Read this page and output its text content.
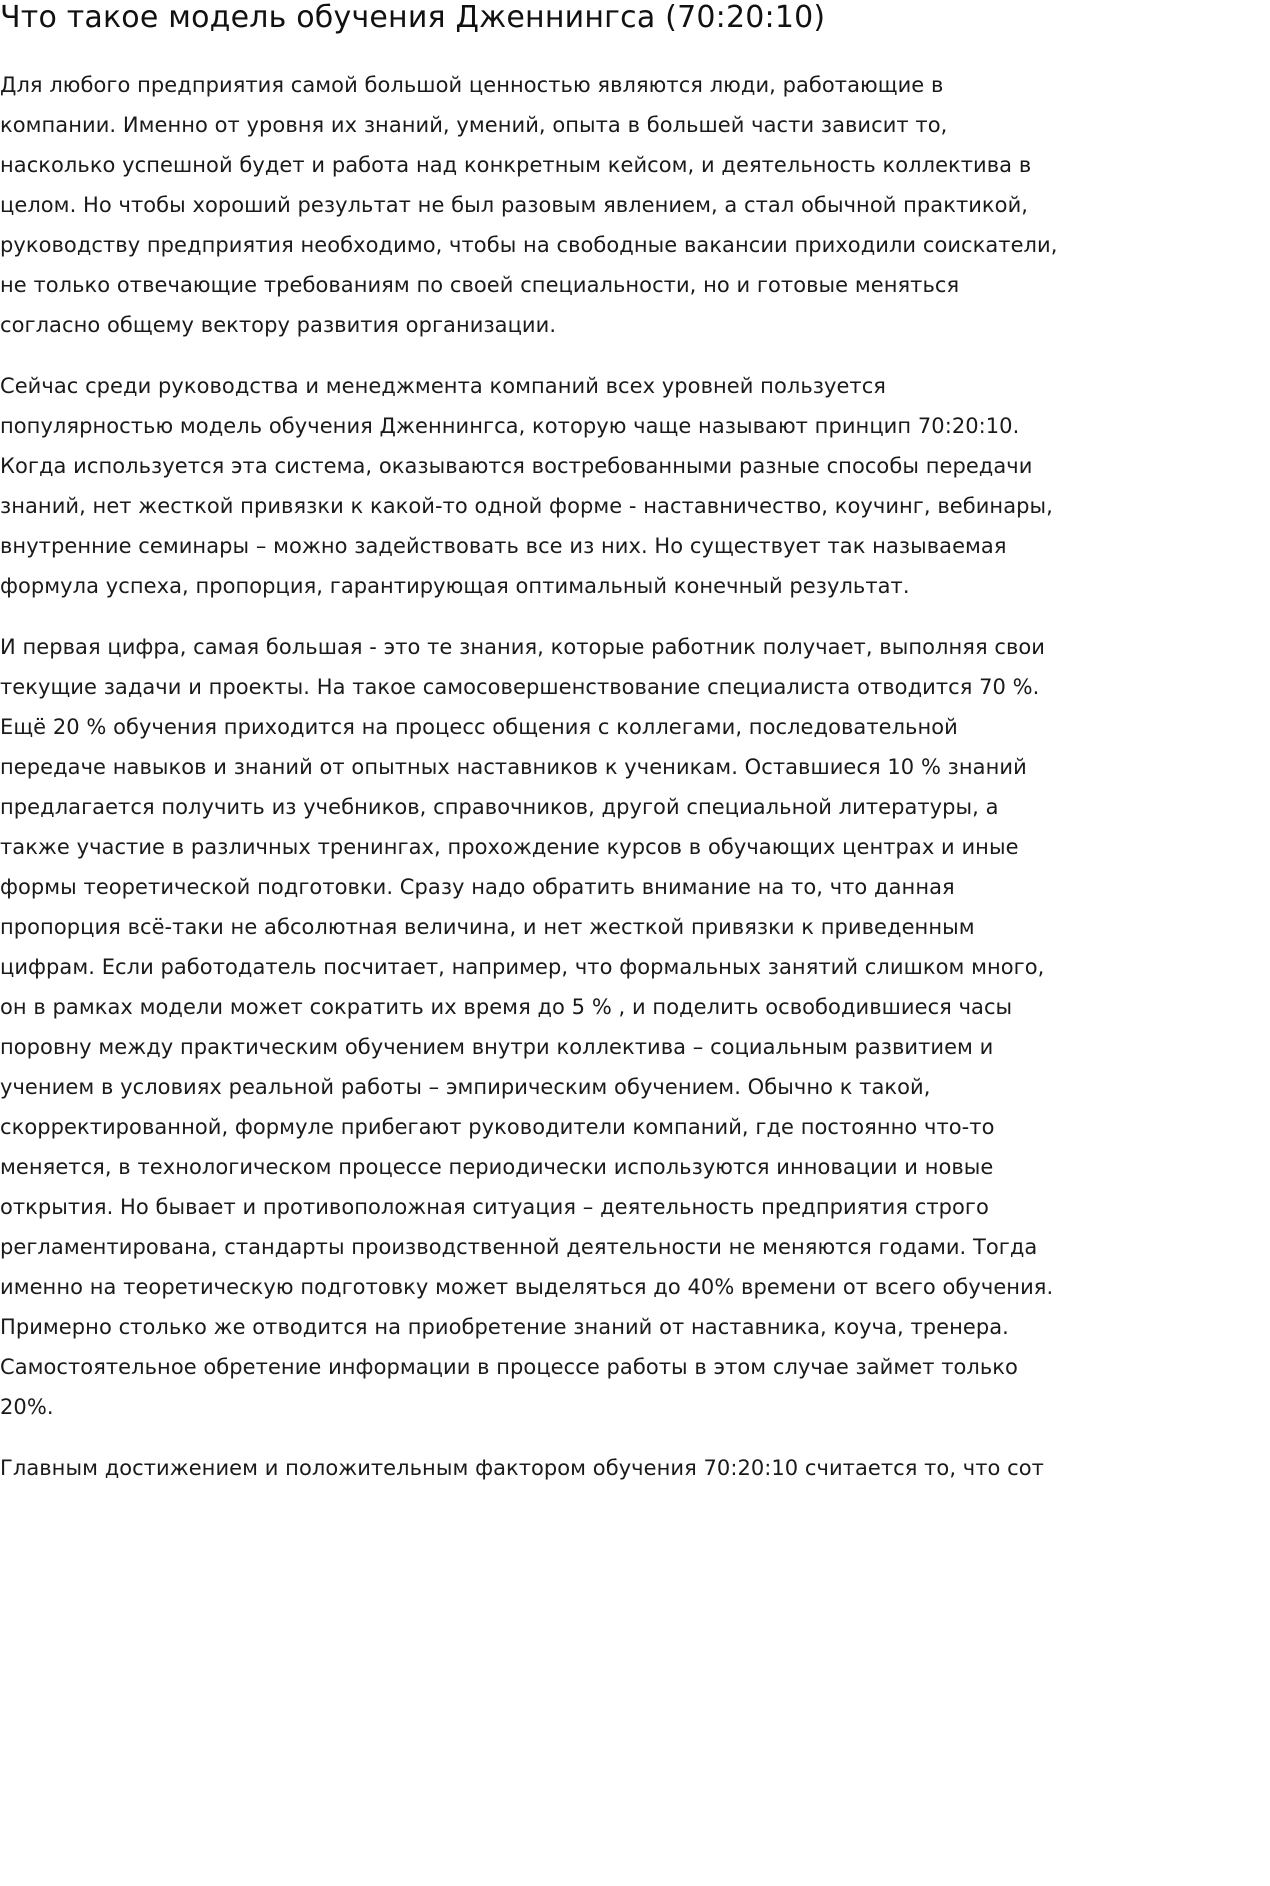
Что такое модель обучения Дженнингса (70:20:10)

Для любого предприятия самой большой ценностью являются люди, работающие в компании. Именно от уровня их знаний, умений, опыта в большей части зависит то, насколько успешной будет и работа над конкретным кейсом, и деятельность коллектива в целом. Но чтобы хороший результат не был разовым явлением, а стал обычной практикой, руководству предприятия необходимо, чтобы на свободные вакансии приходили соискатели, не только отвечающие требованиям по своей специальности, но и готовые меняться согласно общему вектору развития организации.

Сейчас среди руководства и менеджмента компаний всех уровней пользуется популярностью модель обучения Дженнингса, которую чаще называют принцип 70:20:10. Когда используется эта система, оказываются востребованными разные способы передачи знаний, нет жесткой привязки к какой-то одной форме - наставничество, коучинг, вебинары, внутренние семинары – можно задействовать все из них. Но существует так называемая формула успеха, пропорция, гарантирующая оптимальный конечный результат.

И первая цифра, самая большая - это те знания, которые работник получает, выполняя свои текущие задачи и проекты. На такое самосовершенствование специалиста отводится 70 %. Ещё 20 % обучения приходится на процесс общения с коллегами, последовательной передаче навыков и знаний от опытных наставников к ученикам. Оставшиеся 10 % знаний предлагается получить из учебников, справочников, другой специальной литературы, а также участие в различных тренингах, прохождение курсов в обучающих центрах и иные формы теоретической подготовки. Сразу надо обратить внимание на то, что данная пропорция всё-таки не абсолютная величина, и нет жесткой привязки к приведенным цифрам. Если работодатель посчитает, например, что формальных занятий слишком много, он в рамках модели может сократить их время до 5 % , и поделить освободившиеся часы поровну между практическим обучением внутри коллектива – социальным развитием и учением в условиях реальной работы – эмпирическим обучением. Обычно к такой, скорректированной, формуле прибегают руководители компаний, где постоянно что-то меняется, в технологическом процессе периодически используются инновации и новые открытия. Но бывает и противоположная ситуация – деятельность предприятия строго регламентирована, стандарты производственной деятельности не меняются годами. Тогда именно на теоретическую подготовку может выделяться до 40% времени от всего обучения. Примерно столько же отводится на приобретение знаний от наставника, коуча, тренера. Самостоятельное обретение информации в процессе работы в этом случае займет только 20%.

Главным достижением и положительным фактором обучения 70:20:10 считается то, что сот
